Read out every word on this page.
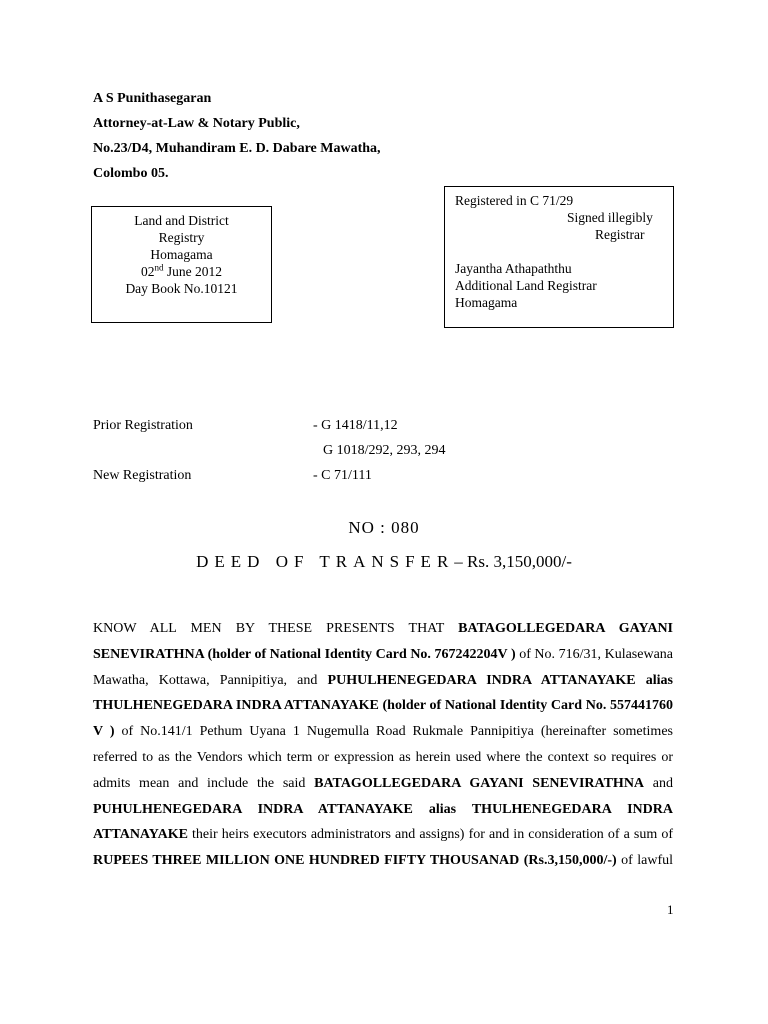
A S Punithasegaran
Attorney-at-Law & Notary Public,
No.23/D4, Muhandiram E. D. Dabare Mawatha,
Colombo 05.
Land and District
Registry
Homagama
02nd June 2012
Day Book No.10121
Registered in C 71/29
Signed illegibly
Registrar
Jayantha Athapaththu
Additional Land Registrar
Homagama
Prior Registration	- G 1418/11,12
G 1018/292, 293, 294
New Registration	- C 71/111
NO : 080
DEED OF TRANSFER– Rs. 3,150,000/-
KNOW ALL MEN BY THESE PRESENTS THAT BATAGOLLEGEDARA GAYANI SENEVIRATHNA (holder of National Identity Card No. 767242204V ) of No. 716/31, Kulasewana Mawatha, Kottawa, Pannipitiya, and PUHULHENEGEDARA INDRA ATTANAYAKE alias THULHENEGEDARA INDRA ATTANAYAKE (holder of National Identity Card No. 557441760 V ) of No.141/1 Pethum Uyana 1 Nugemulla Road Rukmale Pannipitiya (hereinafter sometimes referred to as the Vendors which term or expression as herein used where the context so requires or admits mean and include the said BATAGOLLEGEDARA GAYANI SENEVIRATHNA and PUHULHENEGEDARA INDRA ATTANAYAKE alias THULHENEGEDARA INDRA ATTANAYAKE their heirs executors administrators and assigns) for and in consideration of a sum of RUPEES THREE MILLION ONE HUNDRED FIFTY THOUSANAD (Rs.3,150,000/-) of lawful
1
